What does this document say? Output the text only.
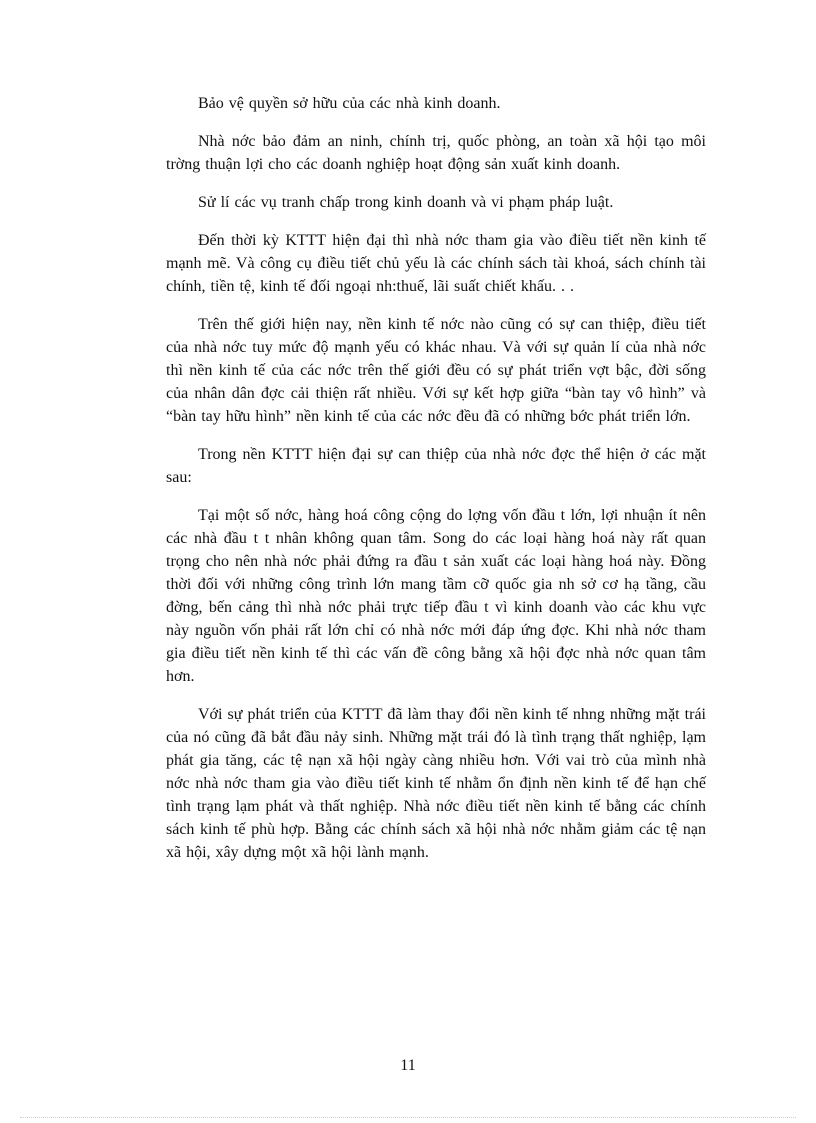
Bảo vệ quyền sở hữu của các nhà kinh doanh.

Nhà nớc bảo đảm an ninh, chính trị, quốc phòng, an toàn xã hội tạo môi trờng thuận lợi cho các doanh nghiệp hoạt động sản xuất kinh doanh.

Sử lí các vụ tranh chấp trong kinh doanh và vi phạm pháp luật.

Đến thời kỳ KTTT hiện đại thì nhà nớc tham gia vào điều tiết nền kinh tế mạnh mẽ. Và công cụ điều tiết chủ yếu là các chính sách tài khoá, sách chính tài chính, tiền tệ, kinh tế đối ngoại nh:thuế, lãi suất chiết khấu. . .

Trên thế giới hiện nay, nền kinh tế nớc nào cũng có sự can thiệp, điều tiết của nhà nớc tuy mức độ mạnh yếu có khác nhau. Và với sự quản lí của nhà nớc thì nền kinh tế của các nớc trên thế giới đều có sự phát triển vợt bậc, đời sống của nhân dân đợc cải thiện rất nhiều. Với sự kết hợp giữa “bàn tay vô hình” và “bàn tay hữu hình” nền kinh tế của các nớc đều đã có những bớc phát triển lớn.

Trong nền KTTT hiện đại sự can thiệp của nhà nớc đợc thể hiện ở các mặt sau:

Tại một số nớc, hàng hoá công cộng do lợng vốn đầu t lớn, lợi nhuận ít nên các nhà đầu t t nhân không quan tâm. Song do các loại hàng hoá này rất quan trọng cho nên nhà nớc phải đứng ra đầu t sản xuất các loại hàng hoá này. Đồng thời đối với những công trình lớn mang tầm cỡ quốc gia nh sở cơ hạ tầng, cầu đờng, bến cảng thì nhà nớc phải trực tiếp đầu t vì kinh doanh vào các khu vực này nguồn vốn phải rất lớn chỉ có nhà nớc mới đáp ứng đợc. Khi nhà nớc tham gia điều tiết nền kinh tế thì các vấn đề công bằng xã hội đợc nhà nớc quan tâm hơn.

Với sự phát triển của KTTT đã làm thay đổi nền kinh tế nhng những mặt trái của nó cũng đã bắt đầu nảy sinh. Những mặt trái đó là tình trạng thất nghiệp, lạm phát gia tăng, các tệ nạn xã hội ngày càng nhiều hơn. Với vai trò của mình nhà nớc nhà nớc tham gia vào điều tiết kinh tế nhằm ổn định nền kinh tế để hạn chế tình trạng lạm phát và thất nghiệp. Nhà nớc điều tiết nền kinh tế bằng các chính sách kinh tế phù hợp. Bằng các chính sách xã hội nhà nớc nhằm giảm các tệ nạn xã hội, xây dựng một xã hội lành mạnh.

11
